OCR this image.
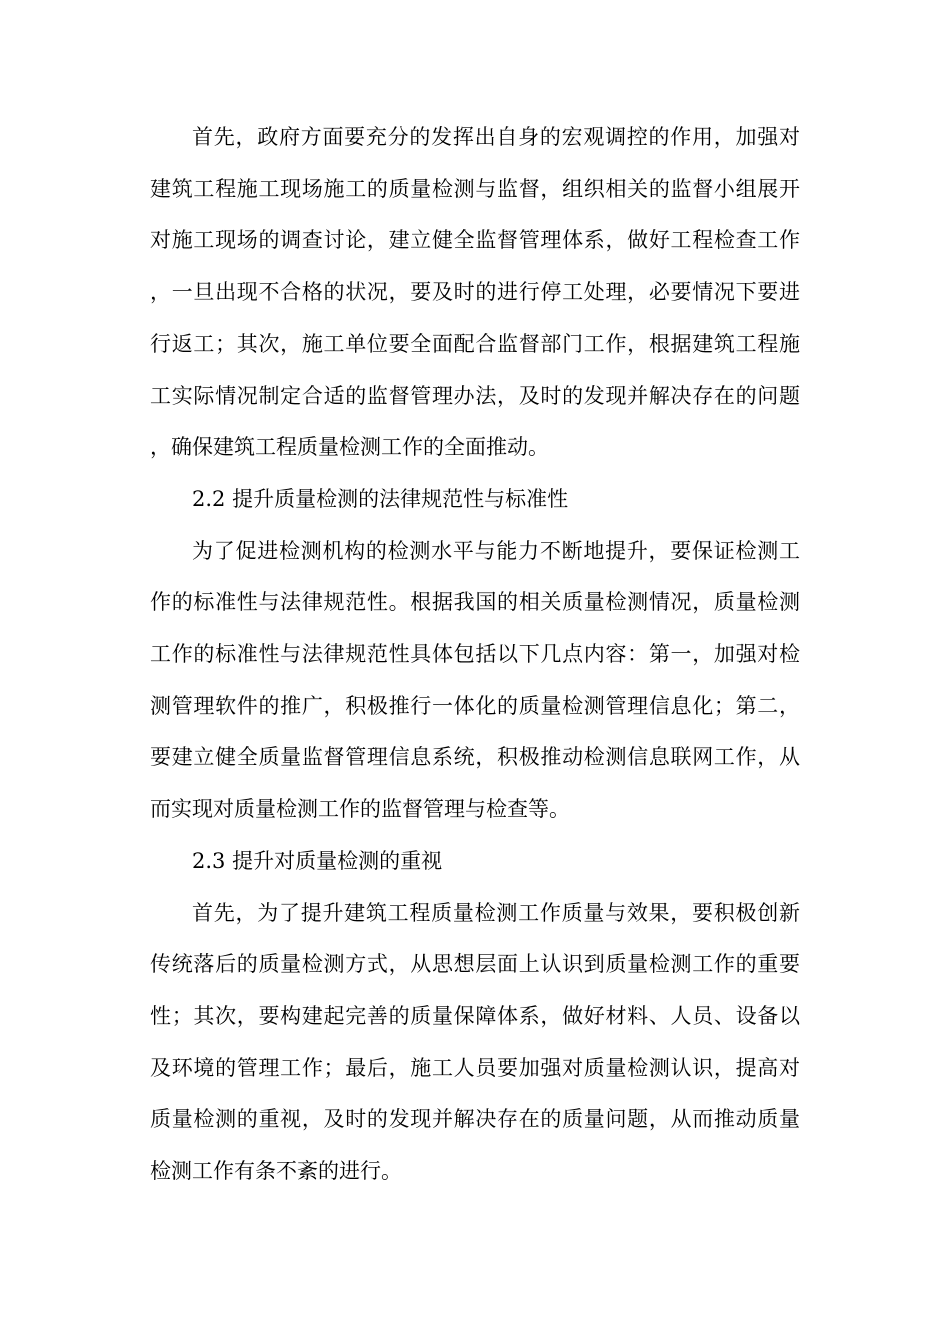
首先，政府方面要充分的发挥出自身的宏观调控的作用，加强对建筑工程施工现场施工的质量检测与监督，组织相关的监督小组展开对施工现场的调查讨论，建立健全监督管理体系，做好工程检查工作，一旦出现不合格的状况，要及时的进行停工处理，必要情况下要进行返工；其次，施工单位要全面配合监督部门工作，根据建筑工程施工实际情况制定合适的监督管理办法，及时的发现并解决存在的问题，确保建筑工程质量检测工作的全面推动。

2.2 提升质量检测的法律规范性与标准性

为了促进检测机构的检测水平与能力不断地提升，要保证检测工作的标准性与法律规范性。根据我国的相关质量检测情况，质量检测工作的标准性与法律规范性具体包括以下几点内容：第一，加强对检测管理软件的推广，积极推行一体化的质量检测管理信息化；第二，要建立健全质量监督管理信息系统，积极推动检测信息联网工作，从而实现对质量检测工作的监督管理与检查等。

2.3 提升对质量检测的重视

首先，为了提升建筑工程质量检测工作质量与效果，要积极创新传统落后的质量检测方式，从思想层面上认识到质量检测工作的重要性；其次，要构建起完善的质量保障体系，做好材料、人员、设备以及环境的管理工作；最后，施工人员要加强对质量检测认识，提高对质量检测的重视，及时的发现并解决存在的质量问题，从而推动质量检测工作有条不紊的进行。
